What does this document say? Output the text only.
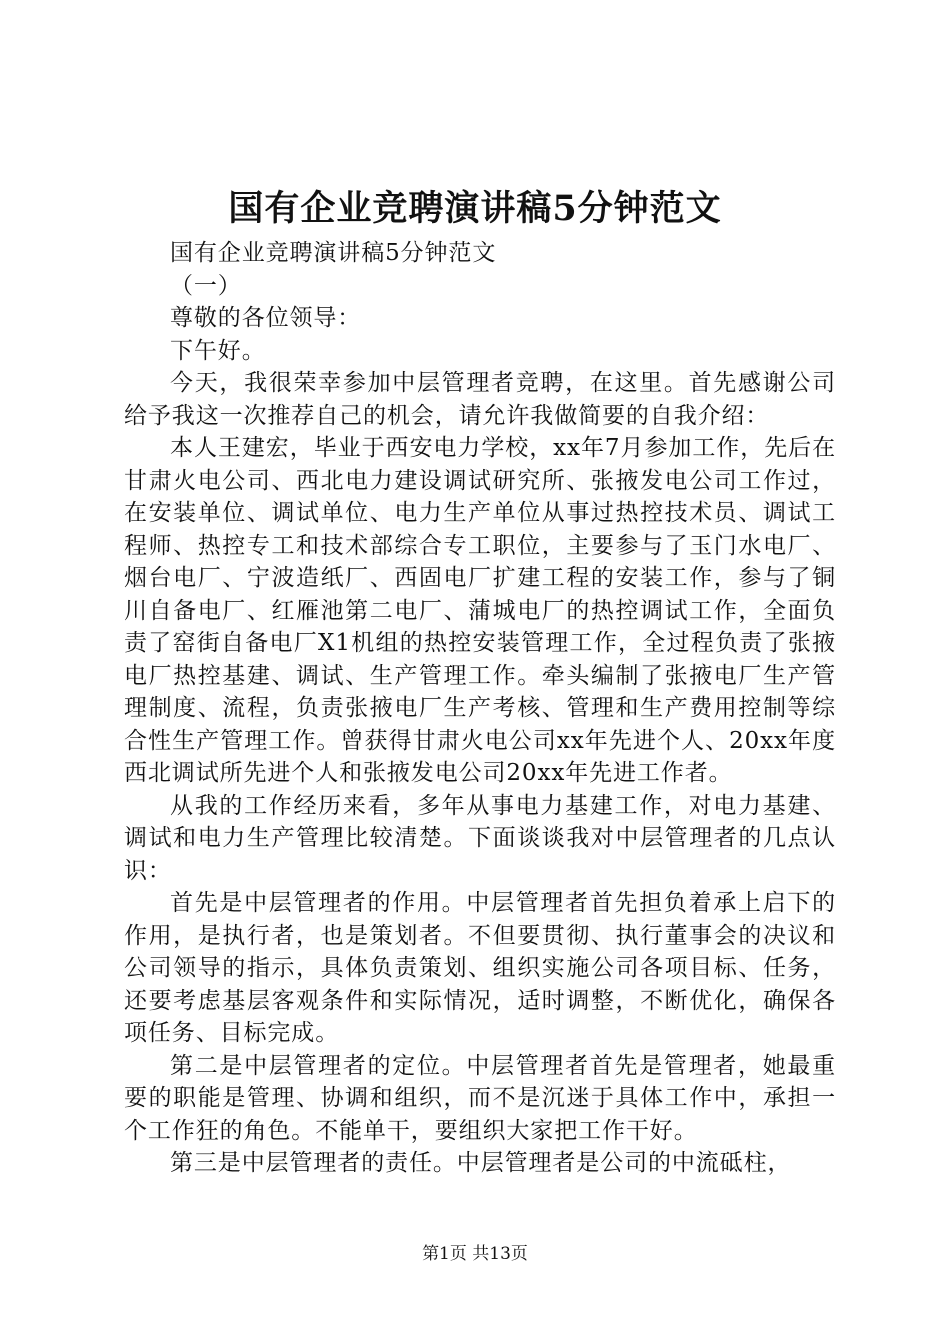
国有企业竞聘演讲稿5分钟范文

国有企业竞聘演讲稿5分钟范文

（一）

尊敬的各位领导：

下午好。

今天，我很荣幸参加中层管理者竞聘，在这里。首先感谢公司给予我这一次推荐自己的机会，请允许我做简要的自我介绍：

本人王建宏，毕业于西安电力学校，xx年7月参加工作，先后在甘肃火电公司、西北电力建设调试研究所、张掖发电公司工作过，在安装单位、调试单位、电力生产单位从事过热控技术员、调试工程师、热控专工和技术部综合专工职位，主要参与了玉门水电厂、烟台电厂、宁波造纸厂、西固电厂扩建工程的安装工作，参与了铜川自备电厂、红雁池第二电厂、蒲城电厂的热控调试工作，全面负责了窑街自备电厂X1机组的热控安装管理工作，全过程负责了张掖电厂热控基建、调试、生产管理工作。牵头编制了张掖电厂生产管理制度、流程，负责张掖电厂生产考核、管理和生产费用控制等综合性生产管理工作。曾获得甘肃火电公司xx年先进个人、20xx年度西北调试所先进个人和张掖发电公司20xx年先进工作者。

从我的工作经历来看，多年从事电力基建工作，对电力基建、调试和电力生产管理比较清楚。下面谈谈我对中层管理者的几点认识：

首先是中层管理者的作用。中层管理者首先担负着承上启下的作用，是执行者，也是策划者。不但要贯彻、执行董事会的决议和公司领导的指示，具体负责策划、组织实施公司各项目标、任务，还要考虑基层客观条件和实际情况，适时调整，不断优化，确保各项任务、目标完成。

第二是中层管理者的定位。中层管理者首先是管理者，她最重要的职能是管理、协调和组织，而不是沉迷于具体工作中，承担一个工作狂的角色。不能单干，要组织大家把工作干好。

第三是中层管理者的责任。中层管理者是公司的中流砥柱，

第1页 共13页
